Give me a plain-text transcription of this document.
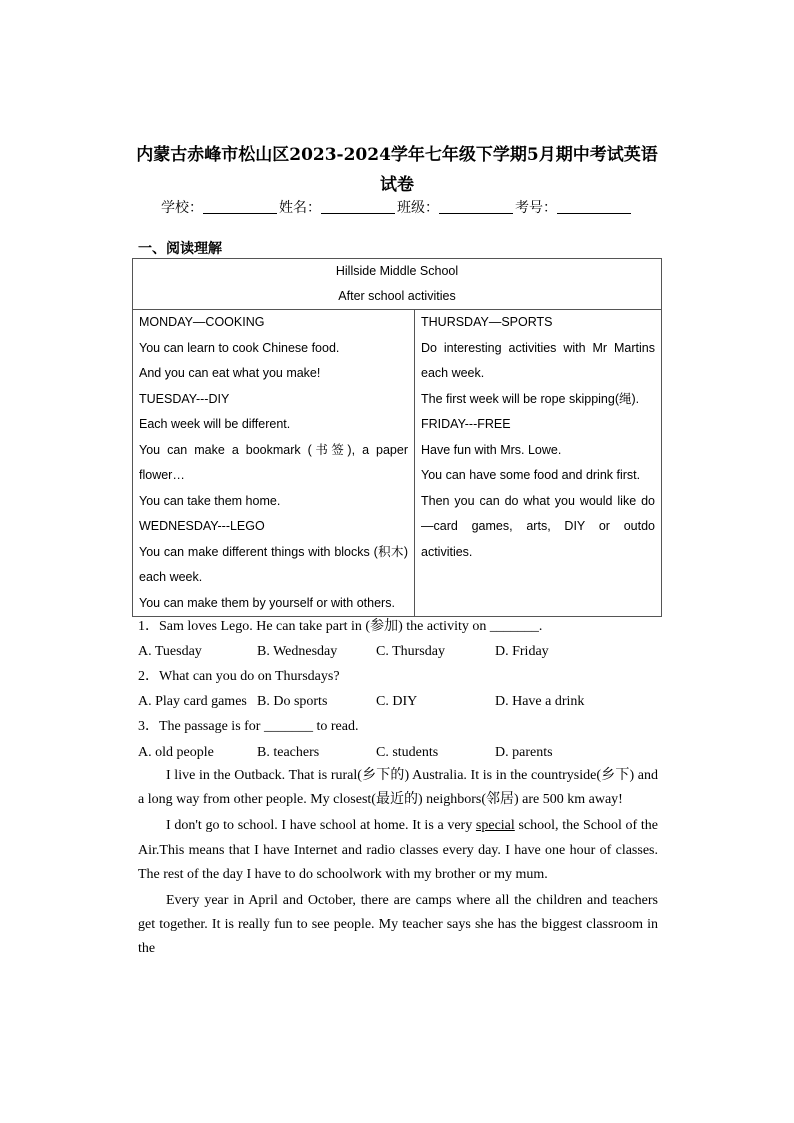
内蒙古赤峰市松山区2023-2024学年七年级下学期5月期中考试英语
试卷
学校：	姓名：	班级：	考号：
一、阅读理解
Hillside Middle School
After school activities

MONDAY—COOKING

You can learn to cook Chinese food.

And you can eat what you make!

TUESDAY---DIY

Each week will be different.

You can make a bookmark (书签), a paper flower…

You can take them home.

WEDNESDAY---LEGO

You can make different things with blocks (积木) each week.

You can make them by yourself or with others.

THURSDAY—SPORTS

Do interesting activities with Mr Martins each week.

The first week will be rope skipping(绳).

FRIDAY---FREE

Have fun with Mrs. Lowe.

You can have some food and drink first.

Then you can do what you would like do—card games, arts, DIY or outdo activities.

1．Sam loves Lego. He can take part in (参加) the activity on _______.
A. Tuesday	B. Wednesday	C. Thursday	D. Friday
2．What can you do on Thursdays?
A. Play card games B. Do sports	C. DIY	D. Have a drink
3．The passage is for _______ to read.
A. old people	B. teachers	C. students	D. parents

I live in the Outback. That is rural(乡下的) Australia. It is in the countryside(乡下) and a long way from other people. My closest(最近的) neighbors(邻居) are 500 km away!

I don't go to school. I have school at home. It is a very special school, the School of the Air.This means that I have Internet and radio classes every day. I have one hour of classes. The rest of the day I have to do schoolwork with my brother or my mum.

Every year in April and October, there are camps where all the children and teachers get together. It is really fun to see people. My teacher says she has the biggest classroom in the
